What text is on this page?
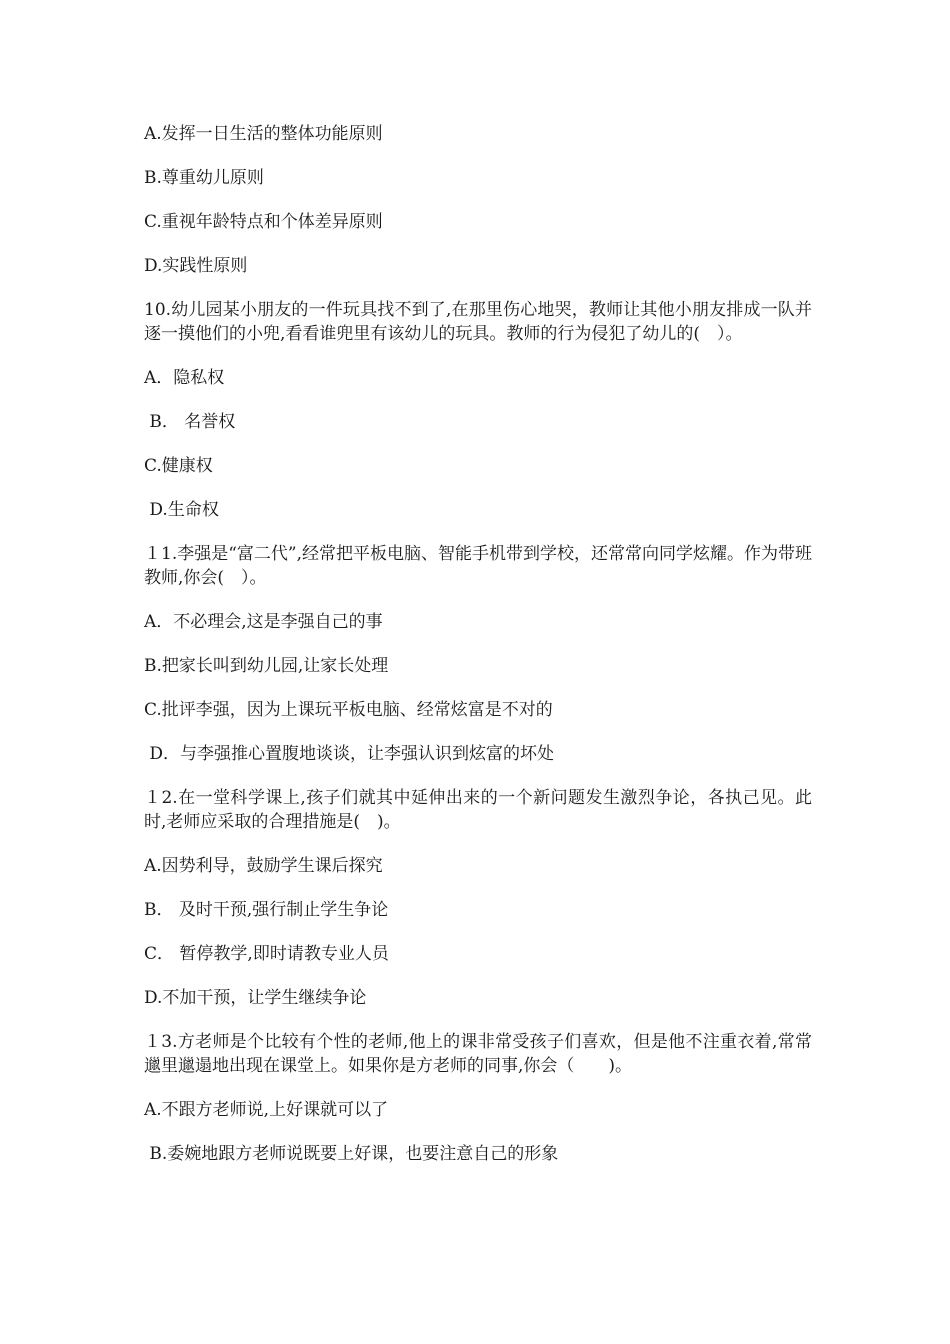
A.发挥一日生活的整体功能原则

B.尊重幼儿原则

C.重视年龄特点和个体差异原则

D.实践性原则

10.幼儿园某小朋友的一件玩具找不到了,在那里伤心地哭，教师让其他小朋友排成一队并逐一摸他们的小兜,看看谁兜里有该幼儿的玩具。教师的行为侵犯了幼儿的(　）。

A．隐私权

B． 名誉权

C.健康权

D.生命权

１1.李强是“富二代”,经常把平板电脑、智能手机带到学校，还常常向同学炫耀。作为带班教师,你会(　）。

A．不必理会,这是李强自己的事

B.把家长叫到幼儿园,让家长处理

C.批评李强，因为上课玩平板电脑、经常炫富是不对的

D．与李强推心置腹地谈谈，让李强认识到炫富的坏处

１2.在一堂科学课上,孩子们就其中延伸出来的一个新问题发生激烈争论，各执己见。此时,老师应采取的合理措施是(　)。

A.因势利导，鼓励学生课后探究

B． 及时干预,强行制止学生争论

C． 暂停教学,即时请教专业人员

D.不加干预，让学生继续争论

１3.方老师是个比较有个性的老师,他上的课非常受孩子们喜欢，但是他不注重衣着,常常邋里邋遢地出现在课堂上。如果你是方老师的同事,你会（　　)。

A.不跟方老师说,上好课就可以了

B.委婉地跟方老师说既要上好课，也要注意自己的形象
